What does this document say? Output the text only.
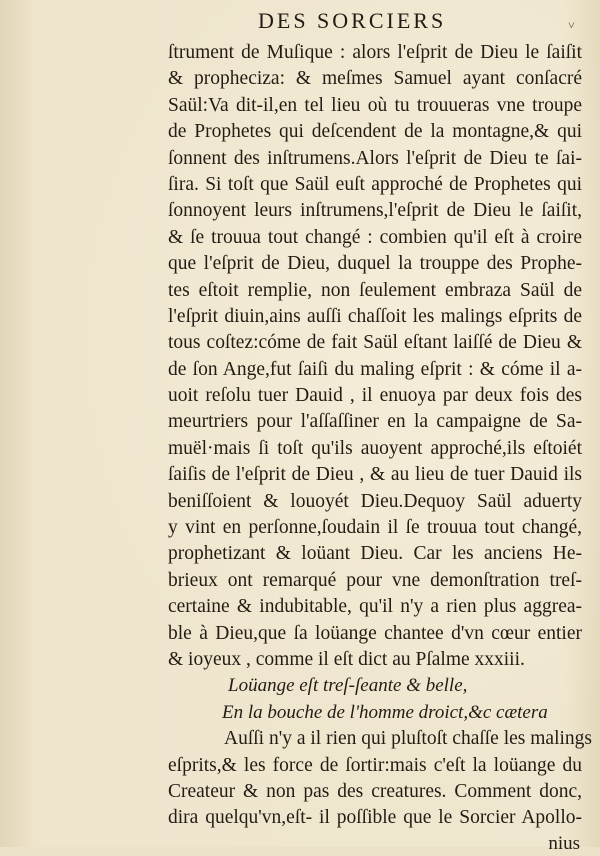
DES SORCIERS	˅
ſtrument de Muſique : alors l'eſprit de Dieu le ſaiſit
& propheciza: & meſmes Samuel ayant conſacré
Saül:Va dit-il,en tel lieu où tu trouueras vne troupe
de Prophetes qui deſcendent de la montagne,& qui
ſonnent des inſtrumens.Alors l'eſprit de Dieu te ſai-
ſira. Si toſt que Saül euſt approché de Prophetes qui
ſonnoyent leurs inſtrumens,l'eſprit de Dieu le ſaiſit,
& ſe trouua tout changé : combien qu'il eſt à croire
que l'eſprit de Dieu, duquel la trouppe des Prophe-
tes eſtoit remplie, non ſeulement embraza Saül de
l'eſprit diuin,ains auſſi chaſſoit les malings eſprits de
tous coſtez:cóme de fait Saül eſtant laiſſé de Dieu &
de ſon Ange,fut ſaiſi du maling eſprit : & cóme il a-
uoit reſolu tuer Dauid , il enuoya par deux fois des
meurtriers pour l'aſſaſſiner en la campaigne de Sa-
muël·mais ſi toſt qu'ils auoyent approché,ils eſtoiét
ſaiſis de l'eſprit de Dieu , & au lieu de tuer Dauid ils
beniſſoient & louoyét Dieu.Dequoy Saül aduerty
y vint en perſonne,ſoudain il ſe trouua tout changé,
prophetizant & loüant Dieu. Car les anciens He-
brieux ont remarqué pour vne demonſtration treſ-
certaine & indubitable, qu'il n'y a rien plus aggrea-
ble à Dieu,que ſa loüange chantee d'vn cœur entier
& ioyeux , comme il eſt dict au Pſalme xxxiii.
Loüange eſt treſ-ſeante & belle,
En la bouche de l'homme droict,&c cætera
Auſſi n'y a il rien qui pluſtoſt chaſſe les malings
eſprits,& les force de ſortir:mais c'eſt la loüange du
Createur & non pas des creatures. Comment donc,
dira quelqu'vn,eſt- il poſſible que le Sorcier Apollo-
nius
